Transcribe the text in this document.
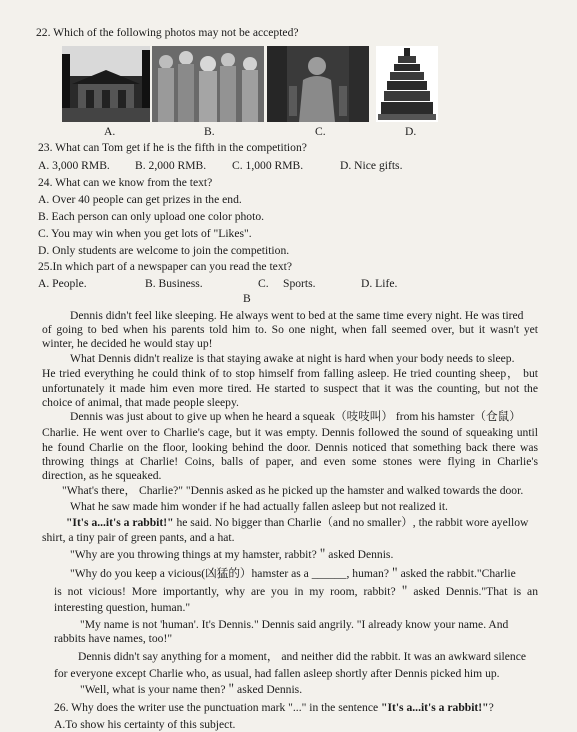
22. Which of the following photos may not be accepted?
A.	B.	C.	D.
23. What can Tom get if he is the fifth in the competition?
A. 3,000 RMB. B. 2,000 RMB. C. 1,000 RMB.	D. Nice gifts.
24. What can we know from the text?
A. Over 40 people can get prizes in the end.
B. Each person can only upload one color photo.
C. You may win when you get lots of "Likes".
D. Only students are welcome to join the competition.
25.In which part of a newspaper can you read the text?
A. People.	B. Business.	C. Sports.	D. Life.
B
Dennis didn't feel like sleeping. He always went to bed at the same time every night. He was tired
of going to bed when his parents told him to. So one night, when fall seemed over, but it wasn't yet
winter, he decided he would stay up!
What Dennis didn't realize is that staying awake at night is hard when your body needs to sleep.
He tried everything he could think of to stop himself from falling asleep. He tried counting sheep， but
unfortunately it made him even more tired. He started to suspect that it was the counting, but not the
choice of animal, that made people sleepy.
Dennis was just about to give up when he heard a squeak（吱吱叫） from his hamster（仓鼠）
Charlie. He went over to Charlie's cage, but it was empty. Dennis followed the sound of squeaking until
he found Charlie on the floor, looking behind the door. Dennis noticed that something back there was
throwing things at Charlie! Coins, balls of paper, and even some stones were flying in Charlie's
direction, as he squeaked.
"What's there， Charlie?" "Dennis asked as he picked up the hamster and walked towards the door.
What he saw made him wonder if he had actually fallen asleep but not realized it.
"It's a...it's a rabbit!" he said. No bigger than Charlie（and no smaller）, the rabbit wore ayellow
shirt, a tiny pair of green pants, and a hat.
"Why are you throwing things at my hamster, rabbit?＂asked Dennis.
"Why do you keep a vicious(凶猛的）hamster as a ______, human?＂asked the rabbit."Charlie
is not vicious! More importantly, why are you in my room, rabbit?＂asked Dennis."That is an
interesting question, human."
"My name is not 'human'. It's Dennis." Dennis said angrily. "I already know your name. And
rabbits have names, too!"
Dennis didn't say anything for a moment， and neither did the rabbit. It was an awkward silence
for everyone except Charlie who, as usual, had fallen asleep shortly after Dennis picked him up.
"Well, what is your name then?＂asked Dennis.
26. Why does the writer use the punctuation mark "..." in the sentence "It's a...it's a rabbit!"?
A.To show his certainty of this subject.
